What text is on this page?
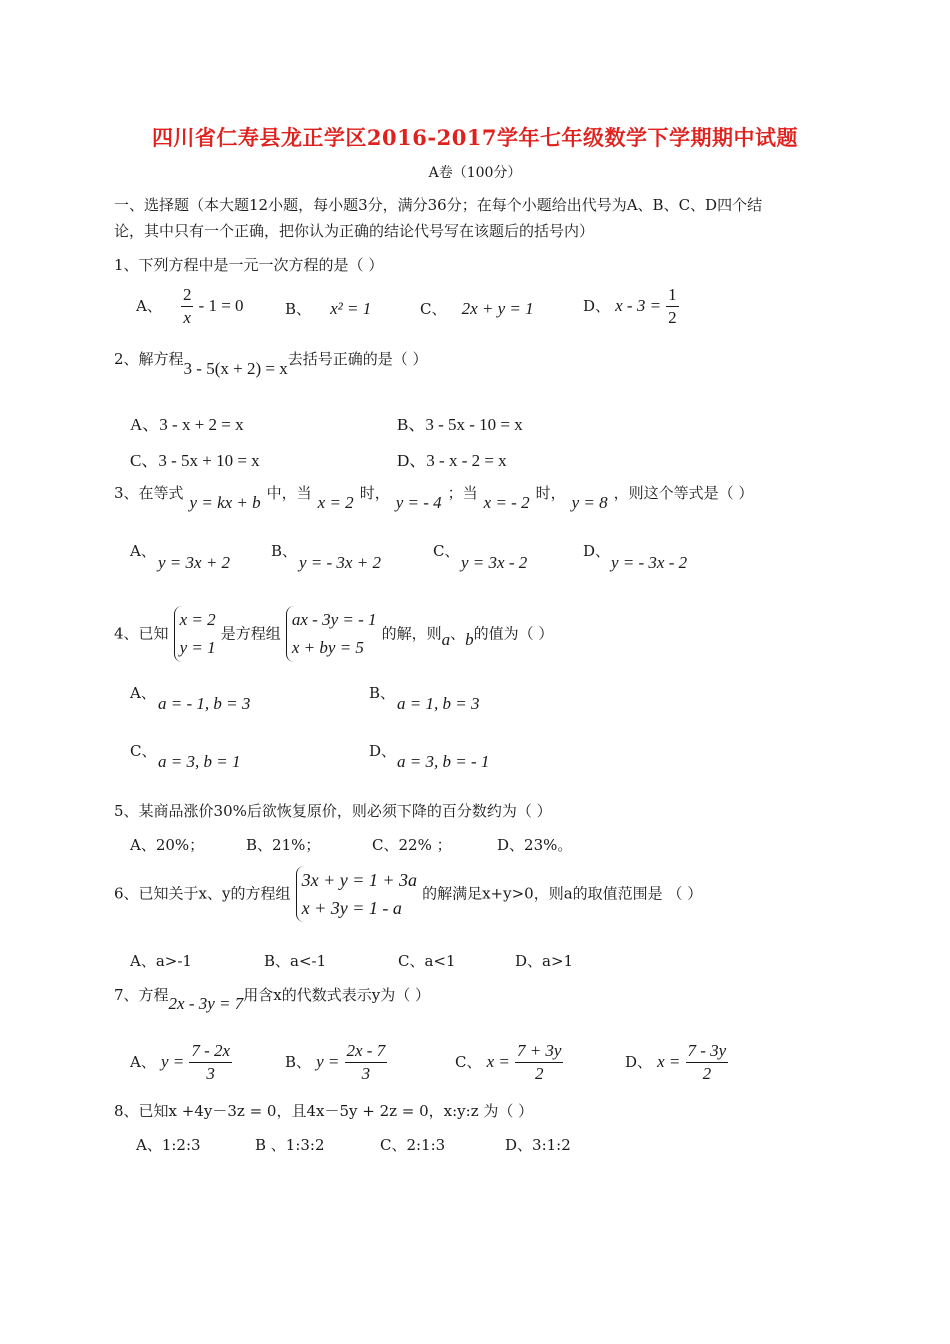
四川省仁寿县龙正学区2016-2017学年七年级数学下学期期中试题
A卷（100分）
一、选择题（本大题12小题，每小题3分，满分36分；在每个小题给出代号为A、B、C、D四个结
论，其中只有一个正确，把你认为正确的结论代号写在该题后的括号内）
1、下列方程中是一元一次方程的是（ ）
A、 $\frac{2}{x} - 1 = 0$	B、 x² = 1	C、 2x + y = 1	D、 $x - 3 = \frac{1}{2}$
2、解方程3 - 5(x + 2) = x去括号正确的是（ ）
A、3 - x + 2 = x	B、3 - 5x - 10 = x
C、3 - 5x + 10 = x	D、3 - x - 2 = x
3、在等式 y = kx + b 中，当 x = 2 时， y = - 4 ；当 x = - 2 时， y = 8 ，则这个等式是（ ）
A、
y = 3x + 2
B、
y = - 3x + 2
C、
y = 3x - 2
D、
y = - 3x - 2
4、已知
x = 2
y = 1
是方程组
ax - 3y = - 1
x + by = 5
的解，则a、b的值为（ ）
A、
a = - 1, b = 3
B、
a = 1, b = 3
C、
a = 3, b = 1
D、
a = 3, b = - 1
5、某商品涨价30%后欲恢复原价，则必须下降的百分数约为（ ）
A、20%；	B、21%；	C、22% ；	D、23%。
6、已知关于x、y的方程组
3x + y = 1 + 3a
x + 3y = 1 - a
的解满足x+y>0，则a的取值范围是 （ ）
A、a>-1	B、a<-1	C、a<1	D、a>1
7、方程2x - 3y = 7用含x的代数式表示y为（ ）
A、 $y = \frac{7 - 2x}{3}$	B、 $y = \frac{2x - 7}{3}$	C、 $x = \frac{7 + 3y}{2}$	D、 $x = \frac{7 - 3y}{2}$
8、已知x +4y－3z = 0，且4x－5y + 2z = 0，x:y:z 为（ ）
A、1:2:3	B 、1:3:2	C、2:1:3	D、3:1:2
